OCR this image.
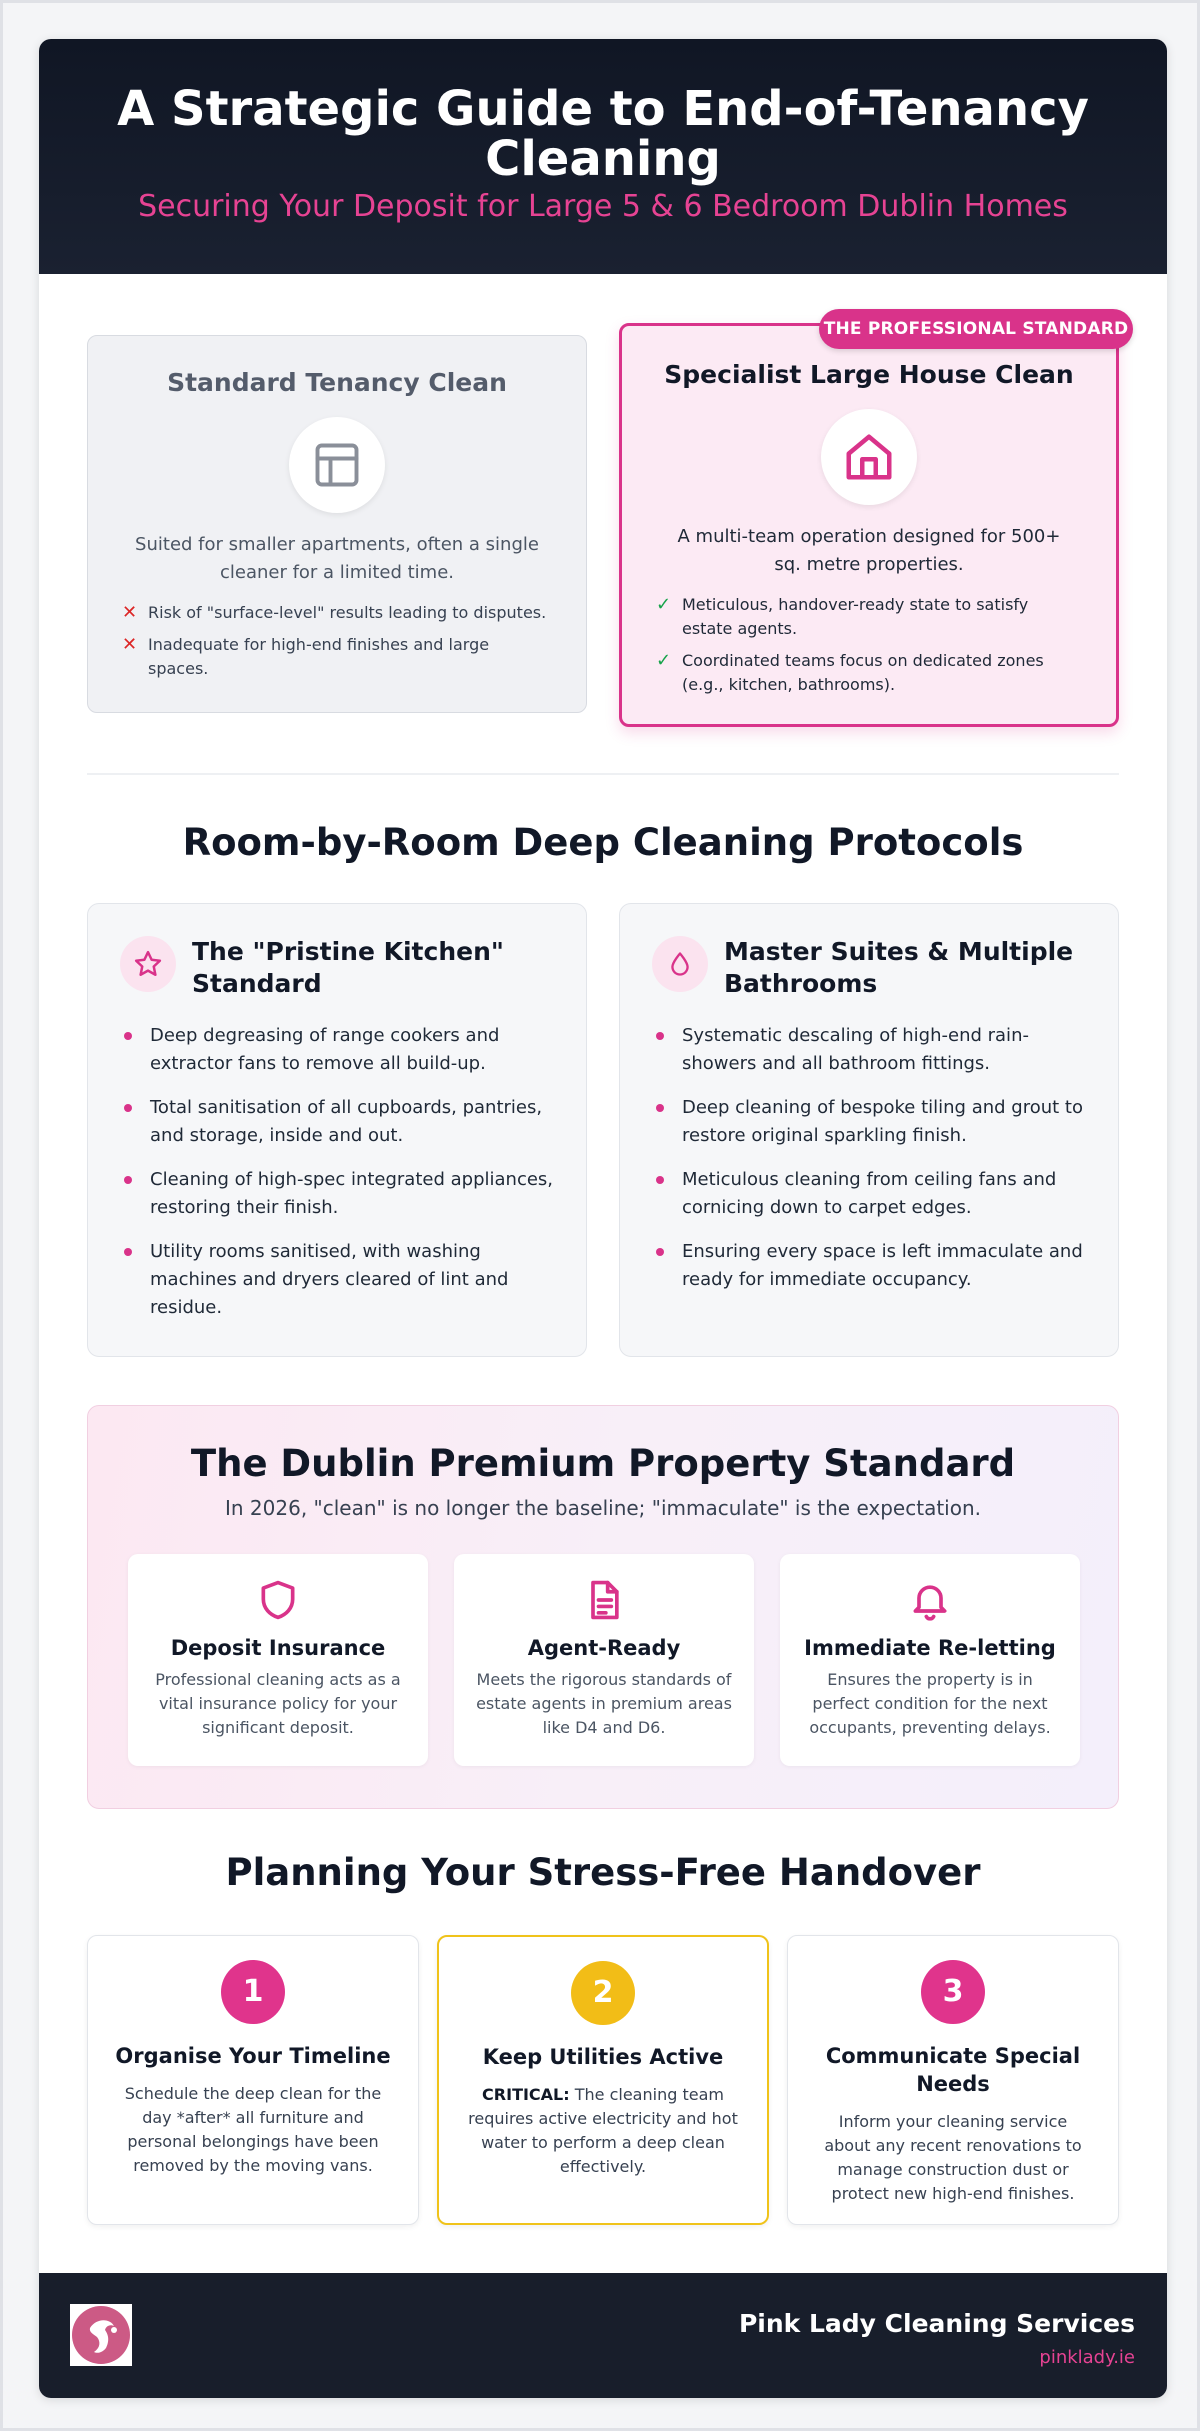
A Strategic Guide to End-of-Tenancy Cleaning
Securing Your Deposit for Large 5 & 6 Bedroom Dublin Homes
Standard Tenancy Clean

Suited for smaller apartments, often a single cleaner for a limited time.

✕ Risk of "surface-level" results leading to disputes.
✕ Inadequate for high-end finishes and large spaces.
Specialist Large House Clean

A multi-team operation designed for 500+ sq. metre properties.

✓ Meticulous, handover-ready state to satisfy estate agents.
✓ Coordinated teams focus on dedicated zones (e.g., kitchen, bathrooms).
THE PROFESSIONAL STANDARD
Room-by-Room Deep Cleaning Protocols
The "Pristine Kitchen" Standard
Deep degreasing of range cookers and extractor fans to remove all build-up.
Total sanitisation of all cupboards, pantries, and storage, inside and out.
Cleaning of high-spec integrated appliances, restoring their finish.
Utility rooms sanitised, with washing machines and dryers cleared of lint and residue.
Master Suites & Multiple Bathrooms
Systematic descaling of high-end rain-showers and all bathroom fittings.
Deep cleaning of bespoke tiling and grout to restore original sparkling finish.
Meticulous cleaning from ceiling fans and cornicing down to carpet edges.
Ensuring every space is left immaculate and ready for immediate occupancy.
The Dublin Premium Property Standard

In 2026, "clean" is no longer the baseline; "immaculate" is the expectation.

Deposit Insurance
Professional cleaning acts as a vital insurance policy for your significant deposit.
Agent-Ready
Meets the rigorous standards of estate agents in premium areas like D4 and D6.
Immediate Re-letting
Ensures the property is in perfect condition for the next occupants, preventing delays.
Planning Your Stress-Free Handover
1
Organise Your Timeline
Schedule the deep clean for the day *after* all furniture and personal belongings have been removed by the moving vans.
2
Keep Utilities Active
CRITICAL: The cleaning team requires active electricity and hot water to perform a deep clean effectively.
3
Communicate Special Needs
Inform your cleaning service about any recent renovations to manage construction dust or protect new high-end finishes.
Pink Lady Cleaning Services
pinklady.ie
